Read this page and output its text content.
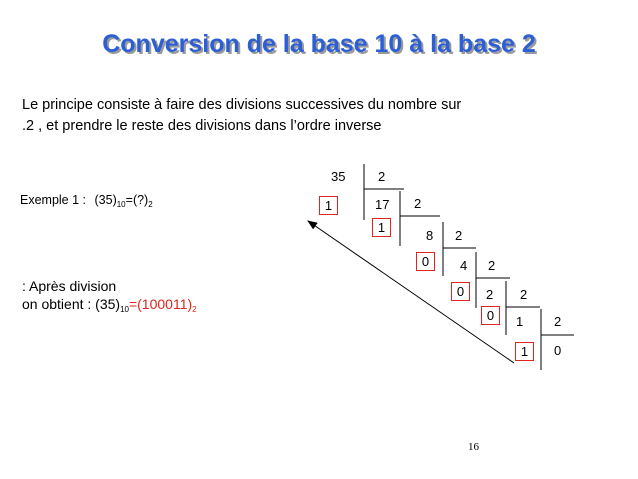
Conversion de la base 10 à la base 2
Le principe consiste à faire des divisions successives du nombre sur
.2 , et prendre le reste des divisions dans l’ordre inverse
Exemple 1 : $(35)_{10}=(?)_2$
: Après division
on obtient : $(35)_{10}=(100011)_2$
35
17
8
4
2
1
2
2
2
2
2
2
1
1
0
0
0
1	0
16
